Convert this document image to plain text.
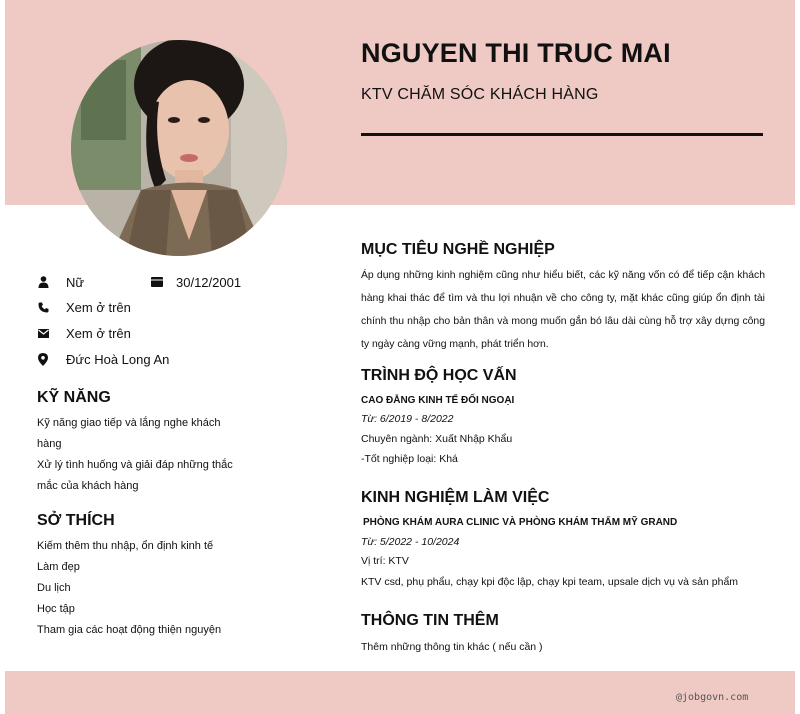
NGUYEN THI TRUC MAI
KTV CHĂM SÓC KHÁCH HÀNG
Nữ	30/12/2001
Xem ở trên
Xem ở trên
Đức Hoà Long An
KỸ NĂNG
Kỹ năng giao tiếp và lắng nghe khách hàng
Xử lý tình huống và giải đáp những thắc mắc của khách hàng
SỞ THÍCH
Kiếm thêm thu nhập, ổn định kinh tế
Làm đẹp
Du lịch
Học tập
Tham gia các hoạt động thiện nguyện
MỤC TIÊU NGHỀ NGHIỆP
Áp dụng những kinh nghiệm cũng như hiểu biết, các kỹ năng vốn có để tiếp cận khách hàng khai thác để tìm và thu lợi nhuận về cho công ty, mặt khác cũng giúp ổn định tài chính thu nhập cho bản thân và mong muốn gắn bó lâu dài cùng hỗ trợ xây dựng công ty ngày càng vững mạnh, phát triển hơn.
TRÌNH ĐỘ HỌC VẤN
CAO ĐẲNG KINH TẾ ĐỐI NGOẠI
Từ: 6/2019 - 8/2022
Chuyên ngành: Xuất Nhập Khẩu
-Tốt nghiệp loại: Khá
KINH NGHIỆM LÀM VIỆC
PHÒNG KHÁM AURA CLINIC VÀ PHÒNG KHÁM THẨM MỸ GRAND
Từ: 5/2022 - 10/2024
Vị trí: KTV
KTV csd, phụ phẩu, chạy kpi độc lập, chạy kpi team, upsale dịch vụ và sản phẩm
THÔNG TIN THÊM
Thêm những thông tin khác ( nếu cần )
@jobgovn.com
